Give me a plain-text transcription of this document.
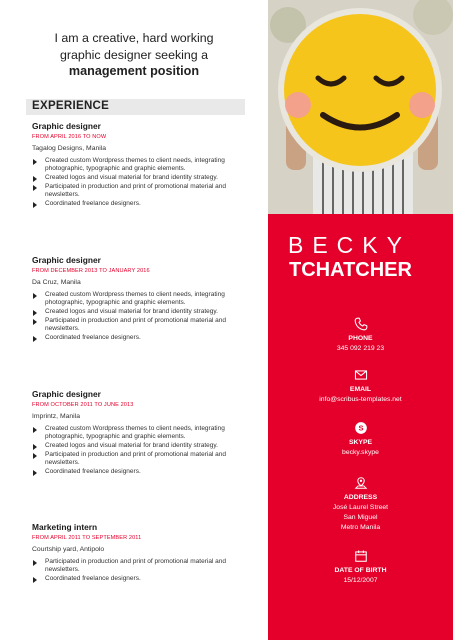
I am a creative, hard working
graphic designer seeking a
management position
EXPERIENCE
Graphic designer
FROM APRIL 2016 TO NOW
Tagalog Designs, Manila
Created custom Wordpress themes to client needs, integrating photographic, typographic and graphic elements.
Created logos and visual material for brand identity strategy.
Participated in production and print of promotional material and newsletters.
Coordinated freelance designers.
Graphic designer
FROM DECEMBER 2013 TO JANUARY 2016
Da Cruz, Manila
Created custom Wordpress themes to client needs, integrating photographic, typographic and graphic elements.
Created logos and visual material for brand identity strategy.
Participated in production and print of promotional material and newsletters.
Coordinated freelance designers.
Graphic designer
FROM OCTOBER 2011 TO JUNE 2013
Imprintz, Manila
Created custom Wordpress themes to client needs, integrating photographic, typographic and graphic elements.
Created logos and visual material for brand identity strategy.
Participated in production and print of promotional material and newsletters.
Coordinated freelance designers.
Marketing intern
FROM APRIL 2011 TO SEPTEMBER 2011
Courtship yard, Antipolo
Participated in production and print of promotional material and newsletters.
Coordinated freelance designers.
BECKY
TCHATCHER
PHONE
345 092 219 23
EMAIL
info@scribus-templates.net
S
SKYPE
becky.skype
ADDRESS
José Laurel Street
San Miguel
Metro Manila
DATE OF BIRTH
15/12/2007
